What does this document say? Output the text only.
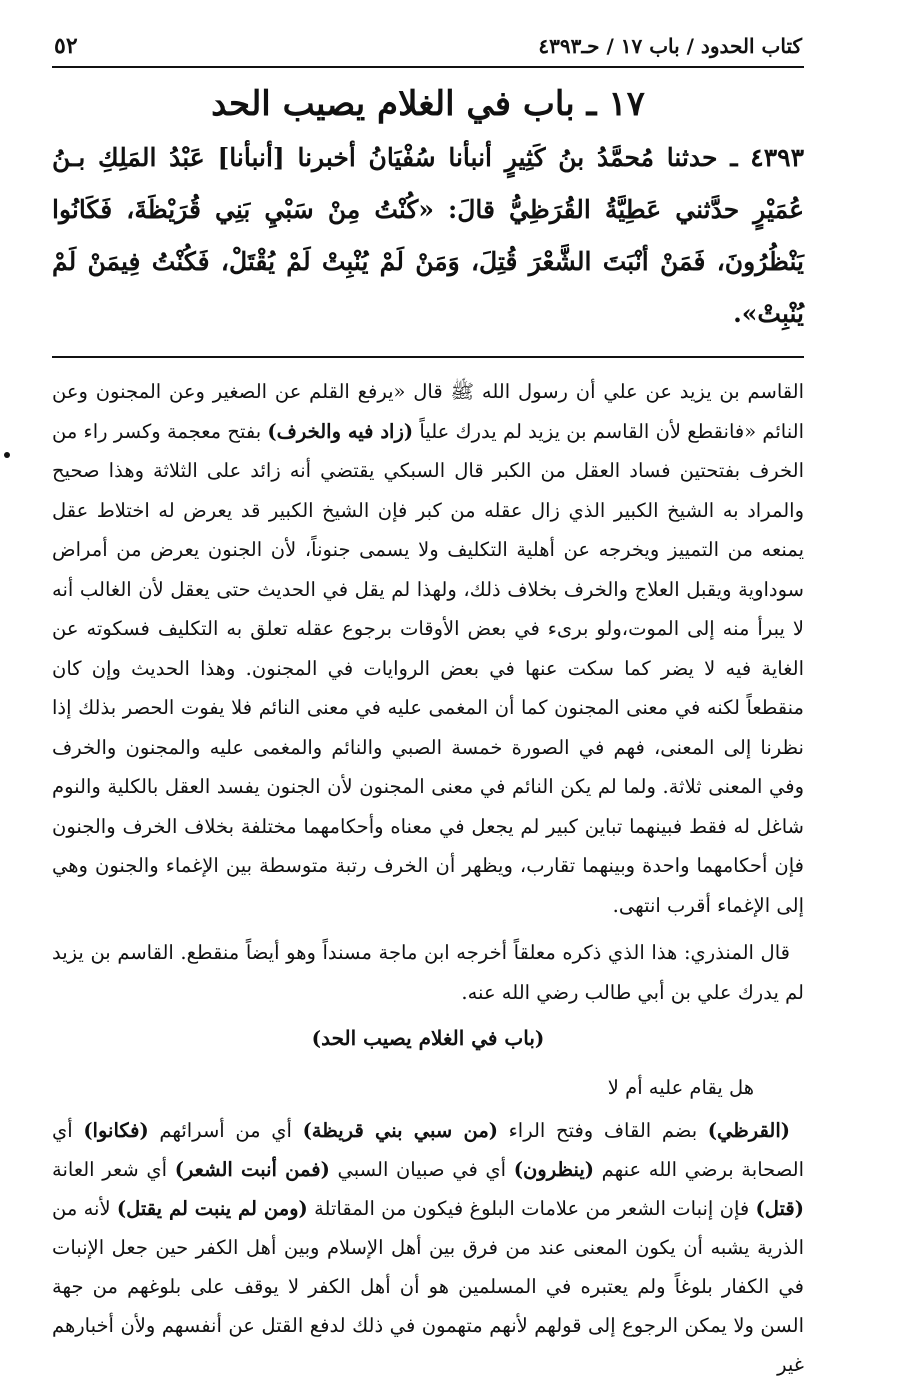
كتاب الحدود / باب ١٧ / حـ٤٣٩٣
٥٢
١٧ ـ باب في الغلام يصيب الحد
٤٣٩٣ ـ حدثنا مُحمَّدُ بنُ كَثِيرٍ أنبأنا سُفْيَانُ أخبرنا [أنبأنا] عَبْدُ المَلِكِ بـنُ عُمَيْرٍ حدَّثني عَطِيَّةُ القُرَظِيُّ قالَ: «كُنْتُ مِنْ سَبْيِ بَنِي قُرَيْظَةَ، فَكَانُوا يَنْظُرُونَ، فَمَنْ أنْبَتَ الشَّعْرَ قُتِلَ، وَمَنْ لَمْ يُنْبِتْ لَمْ يُقْتَلْ، فَكُنْتُ فِيمَنْ لَمْ يُنْبِتْ».

القاسم بن يزيد عن علي أن رسول الله ﷺ قال «يرفع القلم عن الصغير وعن المجنون وعن النائم «فانقطع لأن القاسم بن يزيد لم يدرك علياً (زاد فيه والخرف) بفتح معجمة وكسر راء من الخرف بفتحتين فساد العقل من الكبر قال السبكي يقتضي أنه زائد على الثلاثة وهذا صحيح والمراد به الشيخ الكبير الذي زال عقله من كبر فإن الشيخ الكبير قد يعرض له اختلاط عقل يمنعه من التمييز ويخرجه عن أهلية التكليف ولا يسمى جنوناً، لأن الجنون يعرض من أمراض سوداوية ويقبل العلاج والخرف بخلاف ذلك، ولهذا لم يقل في الحديث حتى يعقل لأن الغالب أنه لا يبرأ منه إلى الموت،ولو برىء في بعض الأوقات برجوع عقله تعلق به التكليف فسكوته عن الغاية فيه لا يضر كما سكت عنها في بعض الروايات في المجنون. وهذا الحديث وإن كان منقطعاً لكنه في معنى المجنون كما أن المغمى عليه في معنى النائم فلا يفوت الحصر بذلك إذا نظرنا إلى المعنى، فهم في الصورة خمسة الصبي والنائم والمغمى عليه والمجنون والخرف وفي المعنى ثلاثة. ولما لم يكن النائم في معنى المجنون لأن الجنون يفسد العقل بالكلية والنوم شاغل له فقط فبينهما تباين كبير لم يجعل في معناه وأحكامهما مختلفة بخلاف الخرف والجنون فإن أحكامهما واحدة وبينهما تقارب، ويظهر أن الخرف رتبة متوسطة بين الإغماء والجنون وهي إلى الإغماء أقرب انتهى.

قال المنذري: هذا الذي ذكره معلقاً أخرجه ابن ماجة مسنداً وهو أيضاً منقطع. القاسم بن يزيد لم يدرك علي بن أبي طالب رضي الله عنه.

(باب في الغلام يصيب الحد)

هل يقام عليه أم لا

(القرظي) بضم القاف وفتح الراء (من سبي بني قريظة) أي من أسرائهم (فكانوا) أي الصحابة برضي الله عنهم (ينظرون) أي في صبيان السبي (فمن أنبت الشعر) أي شعر العانة (قتل) فإن إنبات الشعر من علامات البلوغ فيكون من المقاتلة (ومن لم ينبت لم يقتل) لأنه من الذرية يشبه أن يكون المعنى عند من فرق بين أهل الإسلام وبين أهل الكفر حين جعل الإنبات في الكفار بلوغاً ولم يعتبره في المسلمين هو أن أهل الكفر لا يوقف على بلوغهم من جهة السن ولا يمكن الرجوع إلى قولهم لأنهم متهمون في ذلك لدفع القتل عن أنفسهم ولأن أخبارهم غير
